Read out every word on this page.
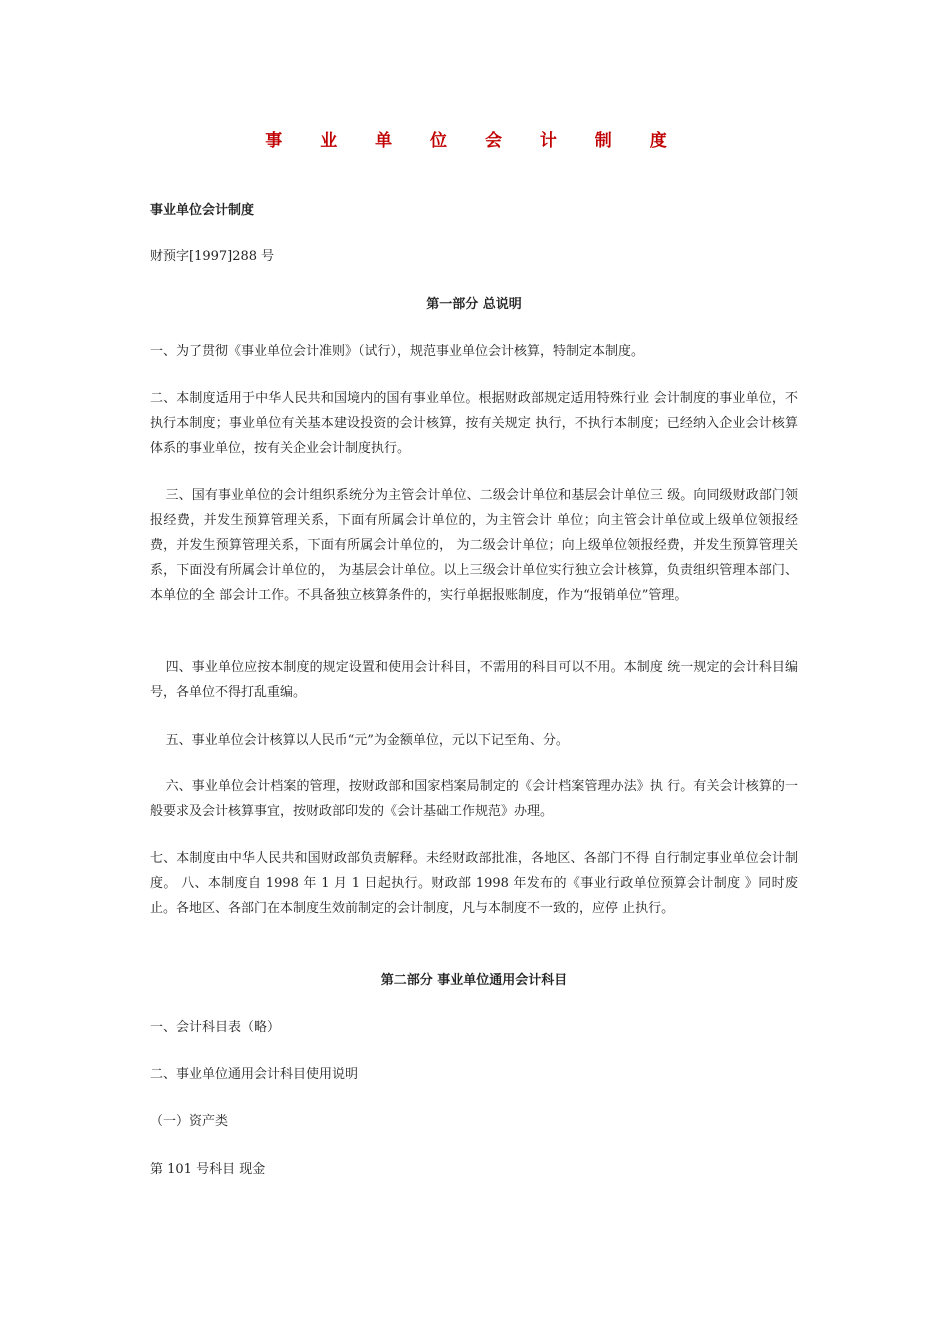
事 业 单 位 会 计 制 度
事业单位会计制度
财预字[1997]288 号
第一部分 总说明
一、为了贯彻《事业单位会计准则》（试行），规范事业单位会计核算，特制定本制度。
二、本制度适用于中华人民共和国境内的国有事业单位。根据财政部规定适用特殊行业 会计制度的事业单位，不执行本制度；事业单位有关基本建设投资的会计核算，按有关规定 执行，不执行本制度；已经纳入企业会计核算体系的事业单位，按有关企业会计制度执行。
三、国有事业单位的会计组织系统分为主管会计单位、二级会计单位和基层会计单位三 级。向同级财政部门领报经费，并发生预算管理关系，下面有所属会计单位的，为主管会计 单位；向主管会计单位或上级单位领报经费，并发生预算管理关系，下面有所属会计单位的， 为二级会计单位；向上级单位领报经费，并发生预算管理关系，下面没有所属会计单位的， 为基层会计单位。以上三级会计单位实行独立会计核算，负责组织管理本部门、本单位的全 部会计工作。不具备独立核算条件的，实行单据报账制度，作为“报销单位”管理。
四、事业单位应按本制度的规定设置和使用会计科目，不需用的科目可以不用。本制度 统一规定的会计科目编号，各单位不得打乱重编。
五、事业单位会计核算以人民币“元”为金额单位，元以下记至角、分。
六、事业单位会计档案的管理，按财政部和国家档案局制定的《会计档案管理办法》执 行。有关会计核算的一般要求及会计核算事宜，按财政部印发的《会计基础工作规范》办理。
七、本制度由中华人民共和国财政部负责解释。未经财政部批准，各地区、各部门不得 自行制定事业单位会计制度。 八、本制度自 1998 年 1 月 1 日起执行。财政部 1998 年发布的《事业行政单位预算会计制度 》同时废止。各地区、各部门在本制度生效前制定的会计制度，凡与本制度不一致的，应停 止执行。
第二部分 事业单位通用会计科目
一、会计科目表（略）
二、事业单位通用会计科目使用说明
（一）资产类
第 101 号科目 现金
